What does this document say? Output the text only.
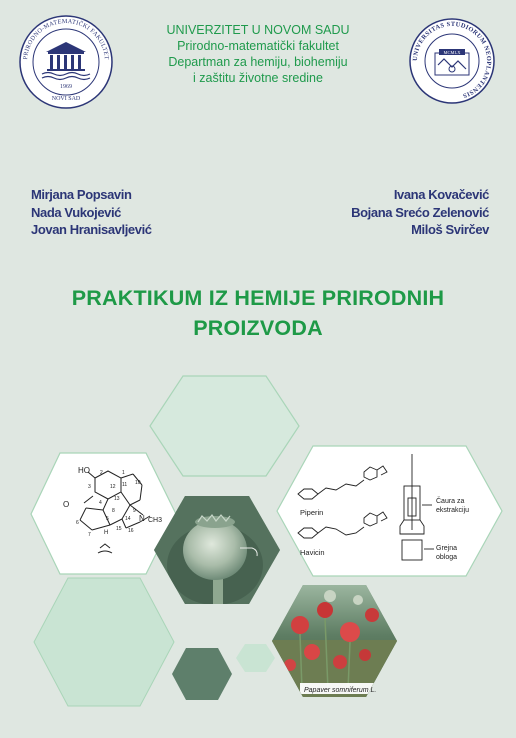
PRIRODNO-MATEMATIČKI FAKULTET
1969
NOVI SAD
UNIVERZITET U NOVOM SADU
Prirodno-matematički fakultet
Departman za hemiju, biohemiju
i zaštitu životne sredine
UNIVERSITAS STUDIORUM NEOPLANTENSIS
MCMLX
Mirjana Popsavin
Nada Vukojević
Jovan Hranisavljević
Ivana Kovačević
Bojana Srećo Zelenović
Miloš Svirčev
PRAKTIKUM IZ HEMIJE PRIRODNIH
PROIZVODA
HO
O
H
N CH3
2	1
3
4
5
6
7
8	9
10
11
12
13
14
15 16
Piperin
Havicin
Čaura za ekstrakciju
Grejna obloga
Papaver somniferum L.
